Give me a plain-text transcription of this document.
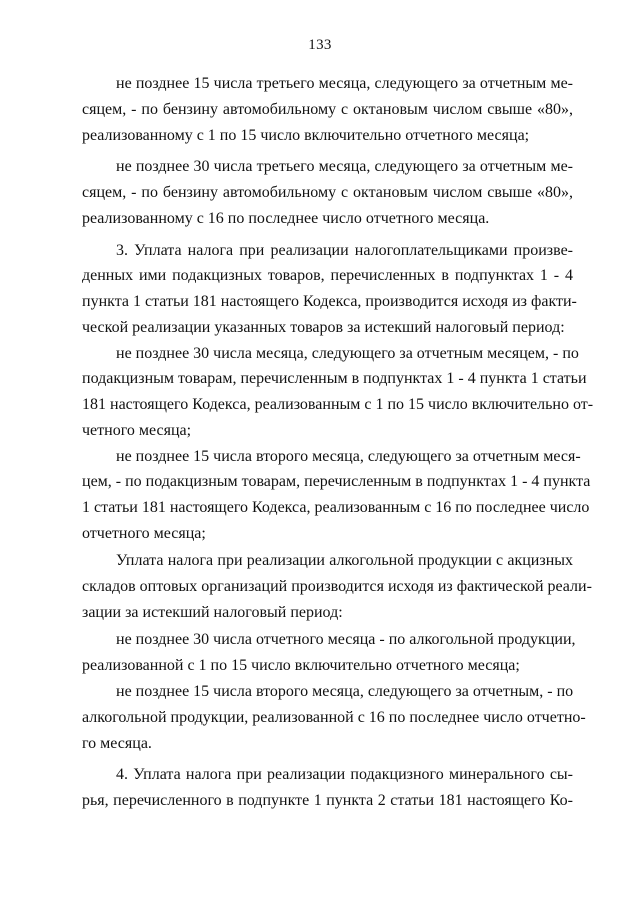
133
не позднее 15 числа третьего месяца, следующего за отчетным ме-
сяцем, - по бензину автомобильному с октановым числом свыше «80»,
реализованному с 1 по 15 число включительно отчетного месяца;
не позднее 30 числа третьего месяца, следующего за отчетным ме-
сяцем, - по бензину автомобильному с октановым числом свыше «80»,
реализованному с 16 по последнее число отчетного месяца.
3. Уплата налога при реализации налогоплательщиками произве-
денных ими подакцизных товаров, перечисленных в подпунктах 1 - 4
пункта 1 статьи 181 настоящего Кодекса, производится исходя из факти-
ческой реализации указанных товаров за истекший налоговый период:
не позднее 30 числа месяца, следующего за отчетным месяцем, - по
подакцизным товарам, перечисленным в подпунктах 1 - 4 пункта 1 статьи
181 настоящего Кодекса, реализованным с 1 по 15 число включительно от-
четного месяца;
не позднее 15 числа второго месяца, следующего за отчетным меся-
цем, - по подакцизным товарам, перечисленным в подпунктах 1 - 4 пункта
1 статьи 181 настоящего Кодекса, реализованным с 16 по последнее число
отчетного месяца;
Уплата налога при реализации алкогольной продукции с акцизных
складов оптовых организаций производится исходя из фактической реали-
зации за истекший налоговый период:
не позднее 30 числа отчетного месяца - по алкогольной продукции,
реализованной с 1 по 15 число включительно отчетного месяца;
не позднее 15 числа второго месяца, следующего за отчетным, - по
алкогольной продукции, реализованной с 16 по последнее число отчетно-
го месяца.
4. Уплата налога при реализации подакцизного минерального сы-
рья, перечисленного в подпункте 1 пункта 2 статьи 181 настоящего Ко-
